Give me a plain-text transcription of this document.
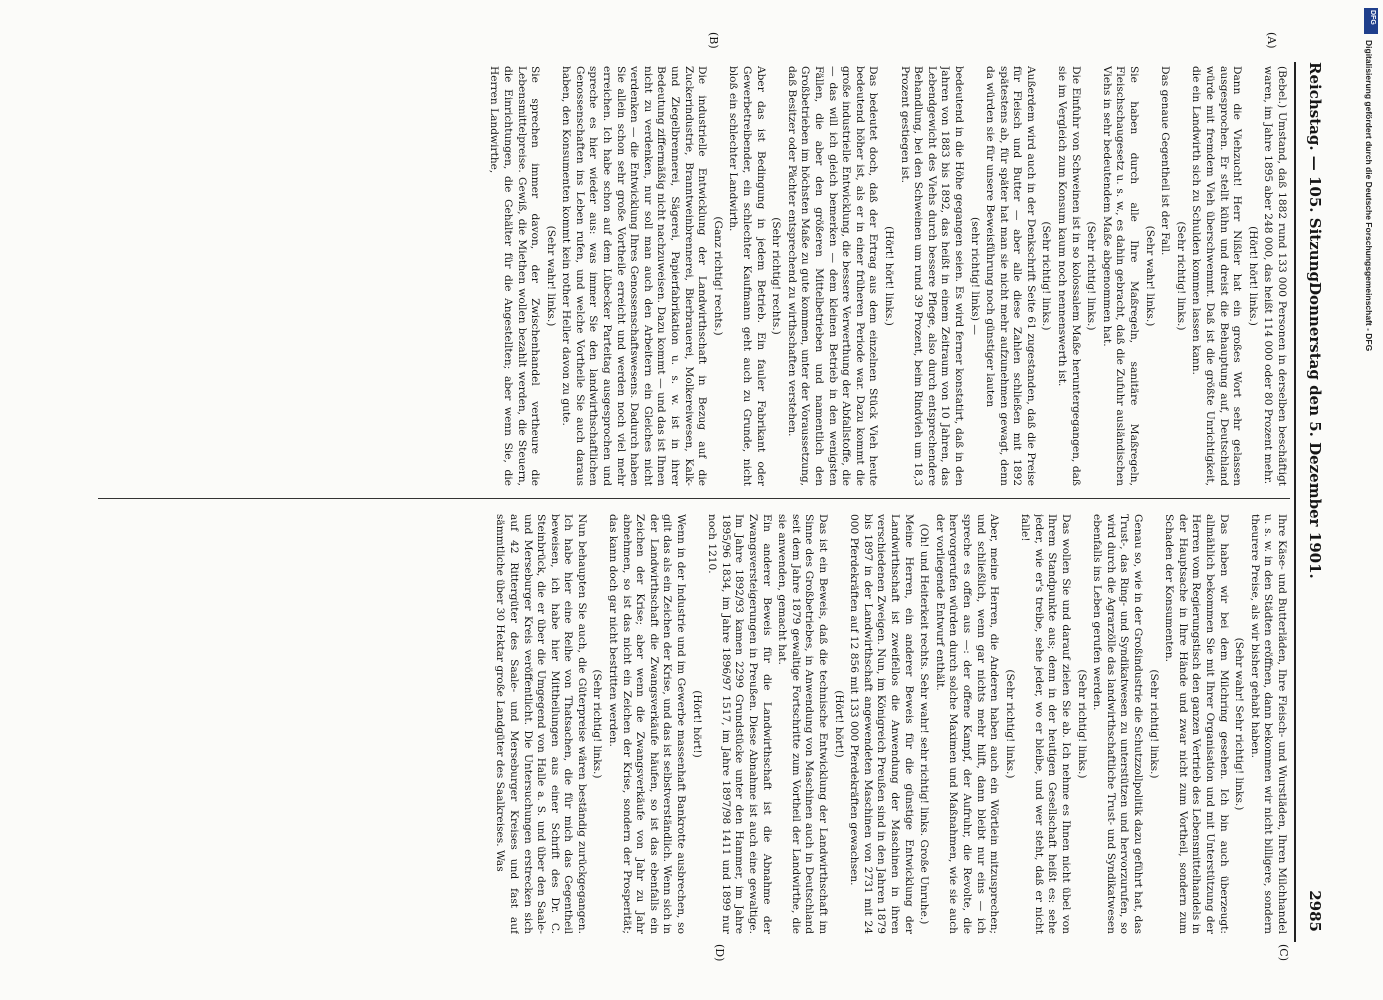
Reichstag. — 105. Sitzung.
Donnerstag den 5. Dezember 1901.
2985
(A)
(B)
(C)
(D)

(Bebel.) Umstand, daß 1882 rund 133 000 Personen in derselben beschäftigt waren, im Jahre 1895 aber 248 000, das heißt 114 000 oder 80 Prozent mehr.

(Hört! hört! links.)

Dann die Viehzucht! Herr Nißler hat ein großes Wort sehr gelassen ausgesprochen. Er stellt kühn und dreist die Behauptung auf, Deutschland würde mit fremdem Vieh überschwemmt. Daß ist die größte Unrichtigkeit, die ein Landwirth sich zu Schulden kommen lassen kann.

(Sehr richtig! links.)

Das genaue Gegentheil ist der Fall.

(Sehr wahr! links.)

Sie haben durch alle Ihre Maßregeln, sanitäre Maßregeln, Fleischschaugesetz u. s. w., es dahin gebracht, daß die Zufuhr ausländischen Viehs in sehr bedeutendem Maße abgenommen hat.

(Sehr richtig! links.)

Die Einfuhr von Schweinen ist in so kolossalem Maße heruntergegangen, daß sie im Vergleich zum Konsum kaum noch nennenswerth ist.

(Sehr richtig! links.)

Außerdem wird auch in der Denkschrift Seite 61 zugestanden, daß die Preise für Fleisch und Butter — aber alle diese Zahlen schließen mit 1892 spätestens ab, für später hat man sie nicht mehr aufzunehmen gewagt, denn da würden sie für unsere Beweisführung noch günstiger lauten

(sehr richtig! links) —

bedeutend in die Höhe gegangen seien. Es wird ferner konstatirt, daß in den Jahren von 1883 bis 1892, das heißt in einem Zeitraum von 10 Jahren, das Lebendgewicht des Viehs durch bessere Pflege, also durch entsprechendere Behandlung, bei den Schweinen um rund 39 Prozent, beim Rindvieh um 18,3 Prozent gestiegen ist.

(Hört! hört! links.)

Das bedeutet doch, daß der Ertrag aus dem einzelnen Stück Vieh heute bedeutend höher ist, als er in einer früheren Periode war. Dazu kommt die große industrielle Entwicklung, die bessere Verwerthung der Abfallstoffe, die — das will ich gleich bemerken — dem kleinen Betrieb in den wenigsten Fällen, die aber den größeren Mittelbetrieben und namentlich den Großbetrieben im höchsten Maße zu gute kommen, unter der Voraussetzung, daß Besitzer oder Pächter entsprechend zu wirthschaften verstehen.

(Sehr richtig! rechts.)

Aber das ist Bedingung in jedem Betrieb. Ein fauler Fabrikant oder Gewerbetreibender, ein schlechter Kaufmann geht auch zu Grunde, nicht bloß ein schlechter Landwirth.

(Ganz richtig! rechts.)

Die industrielle Entwicklung der Landwirthschaft in Bezug auf die Zuckerindustrie, Branntweinbrennerei, Bierbrauerei, Molkereiwesen, Kalk- und Ziegelbrennerei, Sägerei, Papierfabrikation u. s. w. ist in ihrer Bedeutung ziffermäßig nicht nachzuweisen. Dazu kommt — und das ist Ihnen nicht zu verdenken, nur soll man auch den Arbeitern ein Gleiches nicht verdenken — die Entwicklung Ihres Genossenschaftswesens. Dadurch haben Sie allein schon sehr große Vortheile erreicht und werden noch viel mehr erreichen. Ich habe schon auf dem Lübecker Parteitag ausgesprochen und spreche es hier wieder aus: was immer Sie den landwirthschaftlichen Genossenschaften ins Leben rufen, und welche Vortheile Sie auch daraus haben, den Konsumenten kommt kein rother Heller davon zu gute.

(Sehr wahr! links.)

Sie sprechen immer davon, der Zwischenhandel vertheure die Lebensmittelpreise. Gewiß, die Miethen wollen bezahlt werden, die Steuern, die Einrichtungen, die Gehälter für die Angestellten; aber wenn Sie, die Herren Landwirthe,

Ihre Käse- und Butterläden, Ihre Fleisch- und Wurstläden, Ihren Milchhandel u. s. w. in den Städten eröffnen, dann bekommen wir nicht billigere, sondern theurere Preise, als wir bisher gehabt haben.

(Sehr wahr! Sehr richtig! links.)

Das haben wir bei dem Milchring gesehen. Ich bin auch überzeugt: allmählich bekommen Sie mit Ihrer Organisation und mit Unterstützung der Herren vom Regierungstisch den ganzen Vertrieb des Lebensmittelhandels in der Hauptsache in Ihre Hände und zwar nicht zum Vortheil, sondern zum Schaden der Konsumenten.

(Sehr richtig! links.)

Genau so, wie in der Großindustrie die Schutzzollpolitik dazu geführt hat, das Trust-, das Ring- und Syndikatwesen zu unterstützen und hervorzurufen, so wird durch die Agrarzölle das landwirthschaftliche Trust- und Syndikatwesen ebenfalls ins Leben gerufen werden.

(Sehr richtig! links.)

Das wollen Sie und darauf zielen Sie ab. Ich nehme es Ihnen nicht übel von Ihrem Standpunkte aus; denn in der heutigen Gesellschaft heißt es: sehe jeder, wie er's treibe, sehe jeder, wo er bleibe, und wer steht, daß er nicht falle!

(Sehr richtig! links.)

Aber, meine Herren, die Anderen haben auch ein Wörtlein mitzusprechen; und schließlich, wenn gar nichts mehr hilft, dann bleibt nur eins — ich spreche es offen aus —: der offene Kampf, der Aufruhr, die Revolte, die hervorgerufen würden durch solche Maximen und Maßnahmen, wie sie auch der vorliegende Entwurf enthält.

(Oh! und Heiterkeit rechts. Sehr wahr! sehr richtig! links. Große Unruhe.)

Meine Herren, ein anderer Beweis für die günstige Entwicklung der Landwirthschaft ist zweifellos die Anwendung der Maschinen in ihren verschiedenen Zweigen. Nun, im Königreich Preußen sind in den Jahren 1879 bis 1897 in der Landwirthschaft angewendeten Maschinen von 2731 mit 24 000 Pferdekräften auf 12 856 mit 133 000 Pferdekräften gewachsen.

(Hört! hört!)

Das ist ein Beweis, daß die technische Entwicklung der Landwirthschaft im Sinne des Großbetriebes, in Anwendung von Maschinen auch in Deutschland seit dem Jahre 1879 gewaltige Fortschritte zum Vortheil der Landwirthe, die sie anwenden, gemacht hat.

Ein anderer Beweis für die Landwirthschaft ist die Abnahme der Zwangsversteigerungen in Preußen. Diese Abnahme ist auch eine gewaltige. Im Jahre 1892/93 kamen 2299 Grundstücke unter den Hammer, im Jahre 1895/96 1834, im Jahre 1896/97 1517, im Jahre 1897/98 1411 und 1899 nur noch 1210.

(Hört! hört!)

Wenn in der Industrie und im Gewerbe massenhaft Bankrotte ausbrechen, so gilt das als ein Zeichen der Krise, und das ist selbstverständlich. Wenn sich in der Landwirthschaft die Zwangsverkäufe häufen, so ist das ebenfalls ein Zeichen der Krise; aber wenn die Zwangsverkäufe von Jahr zu Jahr abnehmen, so ist das nicht ein Zeichen der Krise, sondern der Prosperität; das kann doch gar nicht bestritten werden.

(Sehr richtig! links.)

Nun behaupten Sie auch, die Güterpreise wären beständig zurückgegangen. Ich habe hier eine Reihe von Thatsachen, die für mich das Gegentheil beweisen, ich habe hier Mittheilungen aus einer Schrift des Dr. C. Steinbrück, die er über die Umgegend von Halle a. S. und über den Saale- und Merseburger Kreis veröffentlicht. Die Untersuchungen erstrecken sich auf 42 Rittergüter des Saale- und Merseburger Kreises und fast auf sämmtliche über 30 Hektar große Landgüter des Saalkreises. Was

Digitalisierung gefördert durch die Deutsche Forschungsgemeinschaft - DFG
DFG
